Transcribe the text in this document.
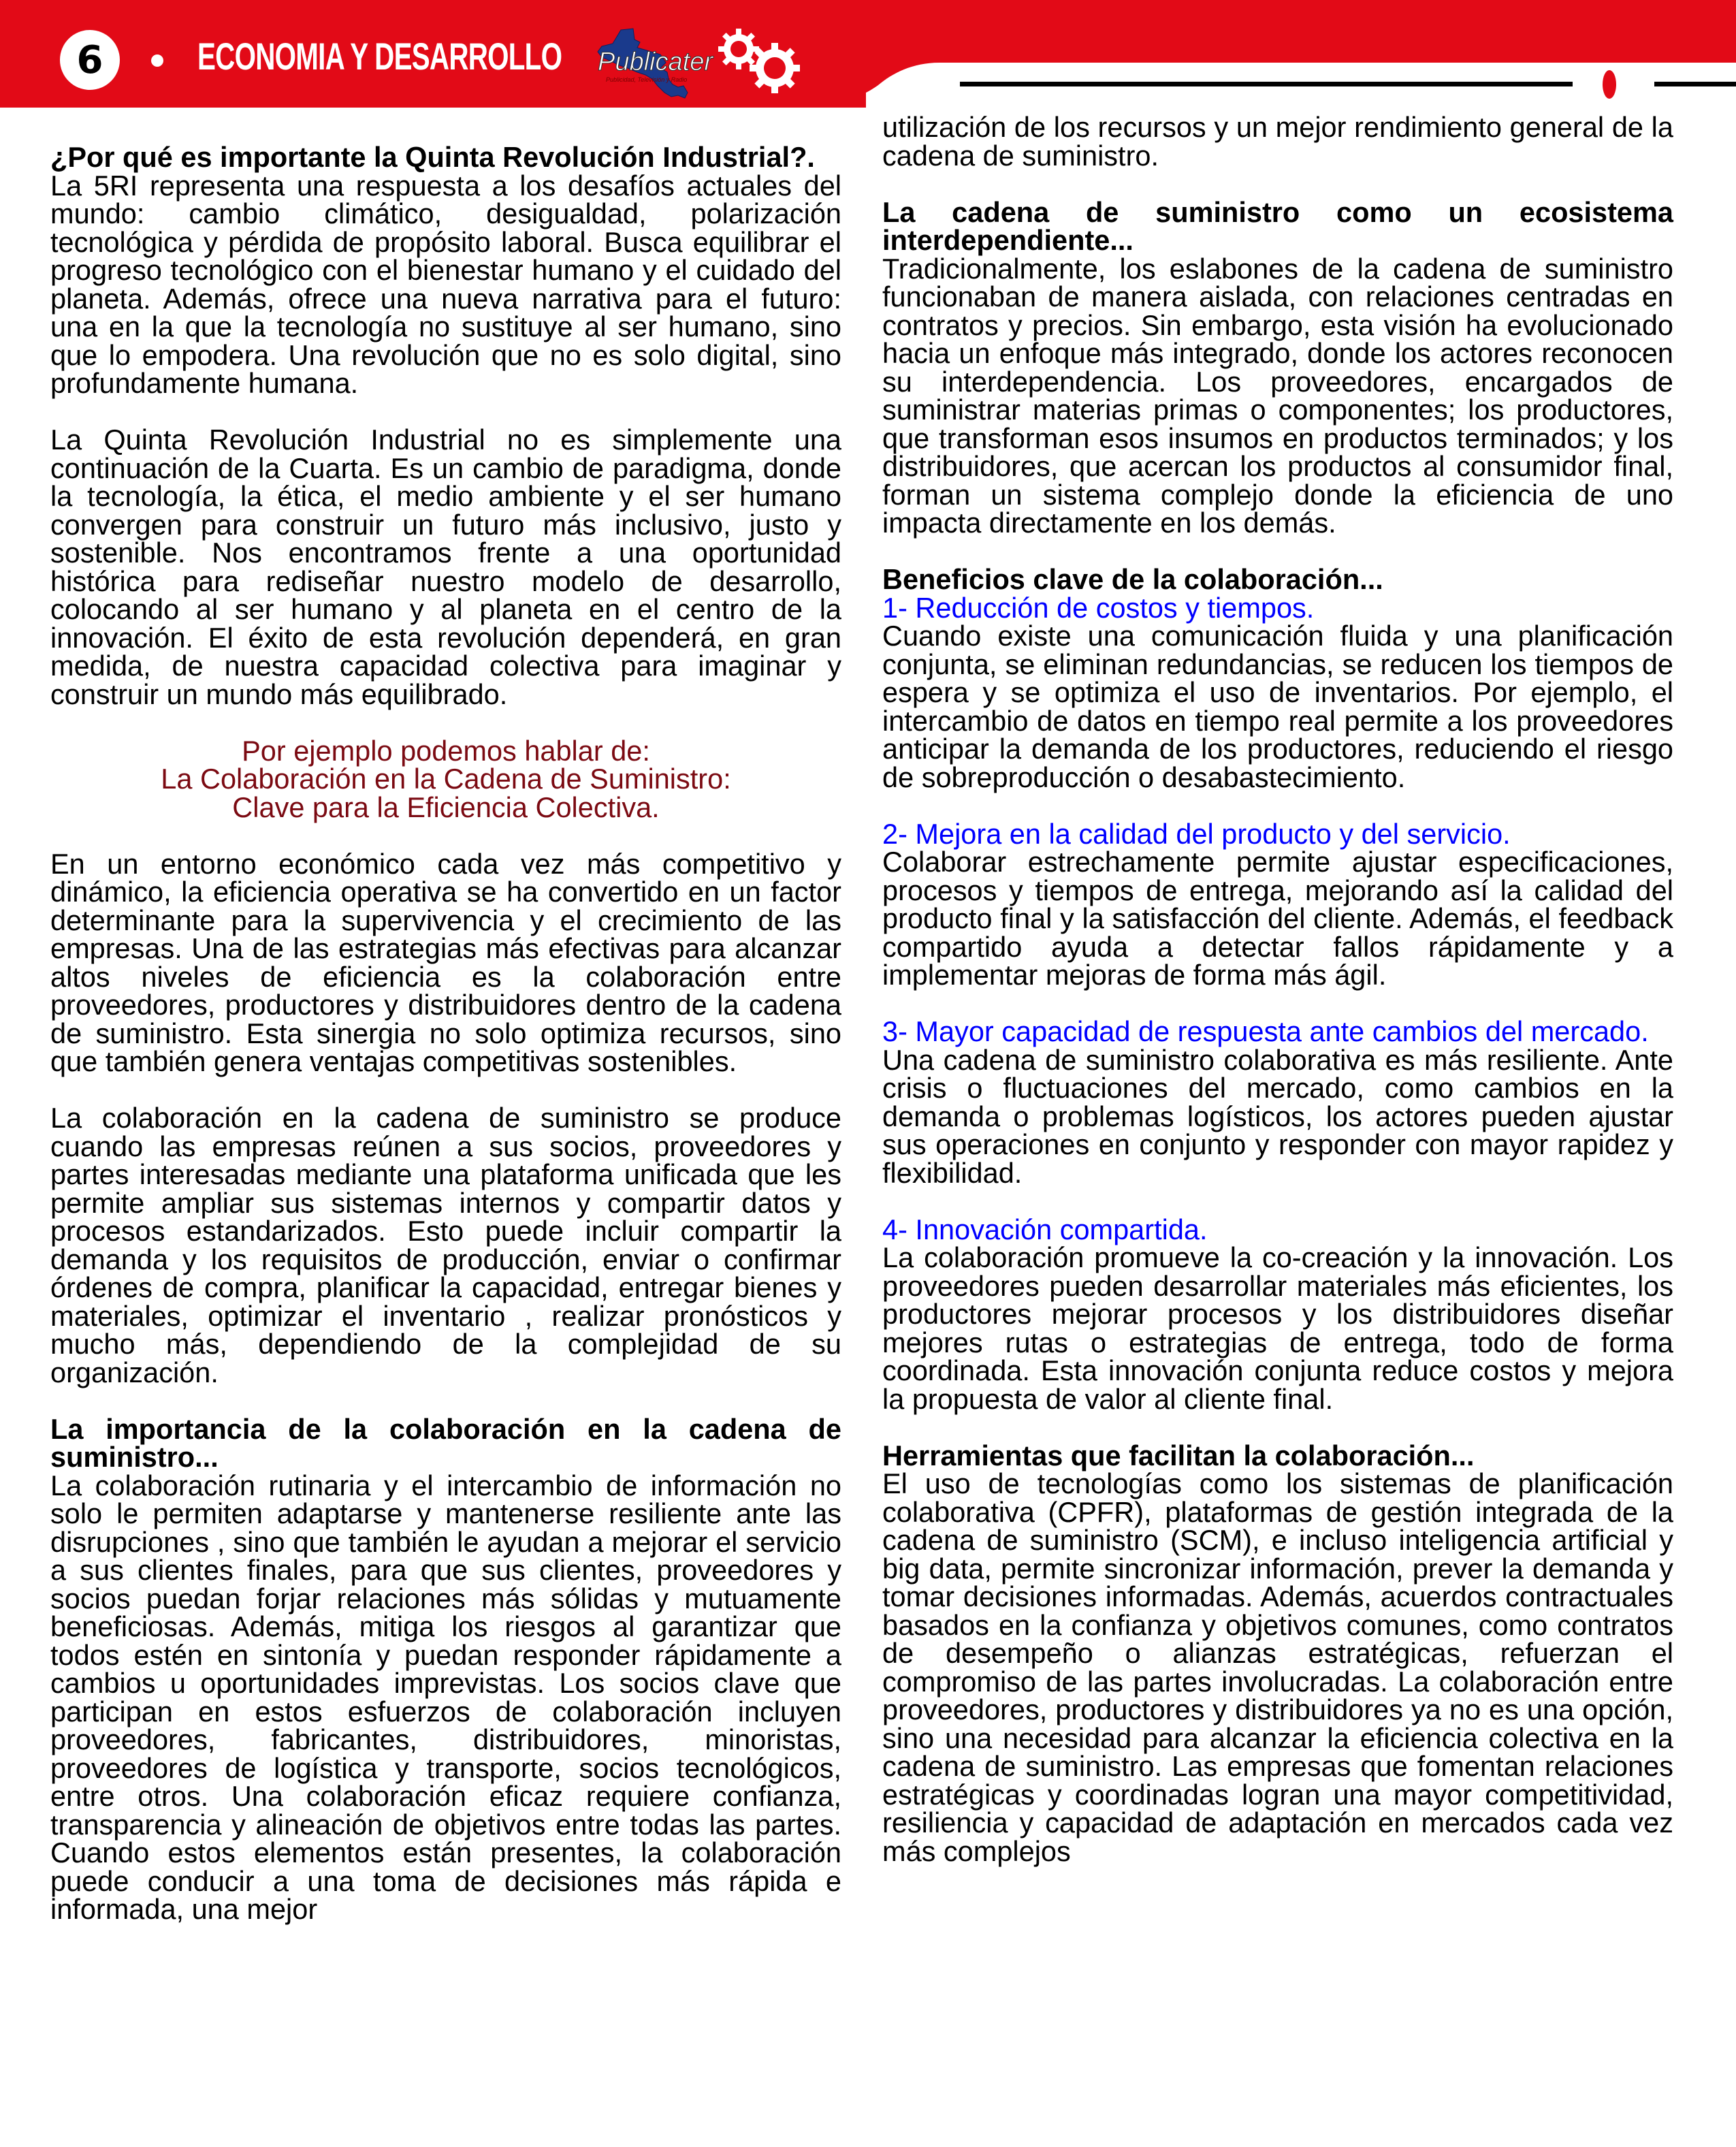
6 ECONOMIA Y DESARROLLO Publicater
Publicidad, Televisión y Radio
¿Por qué es importante la Quinta Revolución Industrial?.

La 5RI representa una respuesta a los desafíos actuales del mundo: cambio climático, desigualdad, polarización tecnológica y pérdida de propósito laboral. Busca equilibrar el progreso tecnológico con el bienestar humano y el cuidado del planeta. Además, ofrece una nueva narrativa para el futuro: una en la que la tecnología no sustituye al ser humano, sino que lo empodera. Una revolución que no es solo digital, sino profundamente humana.

La Quinta Revolución Industrial no es simplemente una continuación de la Cuarta. Es un cambio de paradigma, donde la tecnología, la ética, el medio ambiente y el ser humano convergen para construir un futuro más inclusivo, justo y sostenible. Nos encontramos frente a una oportunidad histórica para rediseñar nuestro modelo de desarrollo, colocando al ser humano y al planeta en el centro de la innovación. El éxito de esta revolución dependerá, en gran medida, de nuestra capacidad colectiva para imaginar y construir un mundo más equilibrado.

Por ejemplo podemos hablar de:

La Colaboración en la Cadena de Suministro:

Clave para la Eficiencia Colectiva.

En un entorno económico cada vez más competitivo y dinámico, la eficiencia operativa se ha convertido en un factor determinante para la supervivencia y el crecimiento de las empresas. Una de las estrategias más efectivas para alcanzar altos niveles de eficiencia es la colaboración entre proveedores, productores y distribuidores dentro de la cadena de suministro. Esta sinergia no solo optimiza recursos, sino que también genera ventajas competitivas sostenibles.

La colaboración en la cadena de suministro se produce cuando las empresas reúnen a sus socios, proveedores y partes interesadas mediante una plataforma unificada que les permite ampliar sus sistemas internos y compartir datos y procesos estandarizados. Esto puede incluir compartir la demanda y los requisitos de producción, enviar o confirmar órdenes de compra, planificar la capacidad, entregar bienes y materiales, optimizar el inventario , realizar pronósticos y mucho más, dependiendo de la complejidad de su organización.

La importancia de la colaboración en la cadena de suministro...

La colaboración rutinaria y el intercambio de información no solo le permiten adaptarse y mantenerse resiliente ante las disrupciones , sino que también le ayudan a mejorar el servicio a sus clientes finales, para que sus clientes, proveedores y socios puedan forjar relaciones más sólidas y mutuamente beneficiosas. Además, mitiga los riesgos al garantizar que todos estén en sintonía y puedan responder rápidamente a cambios u oportunidades imprevistas. Los socios clave que participan en estos esfuerzos de colaboración incluyen proveedores, fabricantes, distribuidores, minoristas, proveedores de logística y transporte, socios tecnológicos, entre otros. Una colaboración eficaz requiere confianza, transparencia y alineación de objetivos entre todas las partes. Cuando estos elementos están presentes, la colaboración puede conducir a una toma de decisiones más rápida e informada, una mejor

utilización de los recursos y un mejor rendimiento general de la cadena de suministro.

La cadena de suministro como un ecosistema interdependiente...

Tradicionalmente, los eslabones de la cadena de suministro funcionaban de manera aislada, con relaciones centradas en contratos y precios. Sin embargo, esta visión ha evolucionado hacia un enfoque más integrado, donde los actores reconocen su interdependencia. Los proveedores, encargados de suministrar materias primas o componentes; los productores, que transforman esos insumos en productos terminados; y los distribuidores, que acercan los productos al consumidor final, forman un sistema complejo donde la eficiencia de uno impacta directamente en los demás.

Beneficios clave de la colaboración...

1- Reducción de costos y tiempos.

Cuando existe una comunicación fluida y una planificación conjunta, se eliminan redundancias, se reducen los tiempos de espera y se optimiza el uso de inventarios. Por ejemplo, el intercambio de datos en tiempo real permite a los proveedores anticipar la demanda de los productores, reduciendo el riesgo de sobreproducción o desabastecimiento.

2- Mejora en la calidad del producto y del servicio.

Colaborar estrechamente permite ajustar especificaciones, procesos y tiempos de entrega, mejorando así la calidad del producto final y la satisfacción del cliente. Además, el feedback compartido ayuda a detectar fallos rápidamente y a implementar mejoras de forma más ágil.

3- Mayor capacidad de respuesta ante cambios del mercado.

Una cadena de suministro colaborativa es más resiliente. Ante crisis o fluctuaciones del mercado, como cambios en la demanda o problemas logísticos, los actores pueden ajustar sus operaciones en conjunto y responder con mayor rapidez y flexibilidad.

4- Innovación compartida.

La colaboración promueve la co-creación y la innovación. Los proveedores pueden desarrollar materiales más eficientes, los productores mejorar procesos y los distribuidores diseñar mejores rutas o estrategias de entrega, todo de forma coordinada. Esta innovación conjunta reduce costos y mejora la propuesta de valor al cliente final.

Herramientas que facilitan la colaboración...

El uso de tecnologías como los sistemas de planificación colaborativa (CPFR), plataformas de gestión integrada de la cadena de suministro (SCM), e incluso inteligencia artificial y big data, permite sincronizar información, prever la demanda y tomar decisiones informadas. Además, acuerdos contractuales basados en la confianza y objetivos comunes, como contratos de desempeño o alianzas estratégicas, refuerzan el compromiso de las partes involucradas. La colaboración entre proveedores, productores y distribuidores ya no es una opción, sino una necesidad para alcanzar la eficiencia colectiva en la cadena de suministro. Las empresas que fomentan relaciones estratégicas y coordinadas logran una mayor competitividad, resiliencia y capacidad de adaptación en mercados cada vez más complejos
